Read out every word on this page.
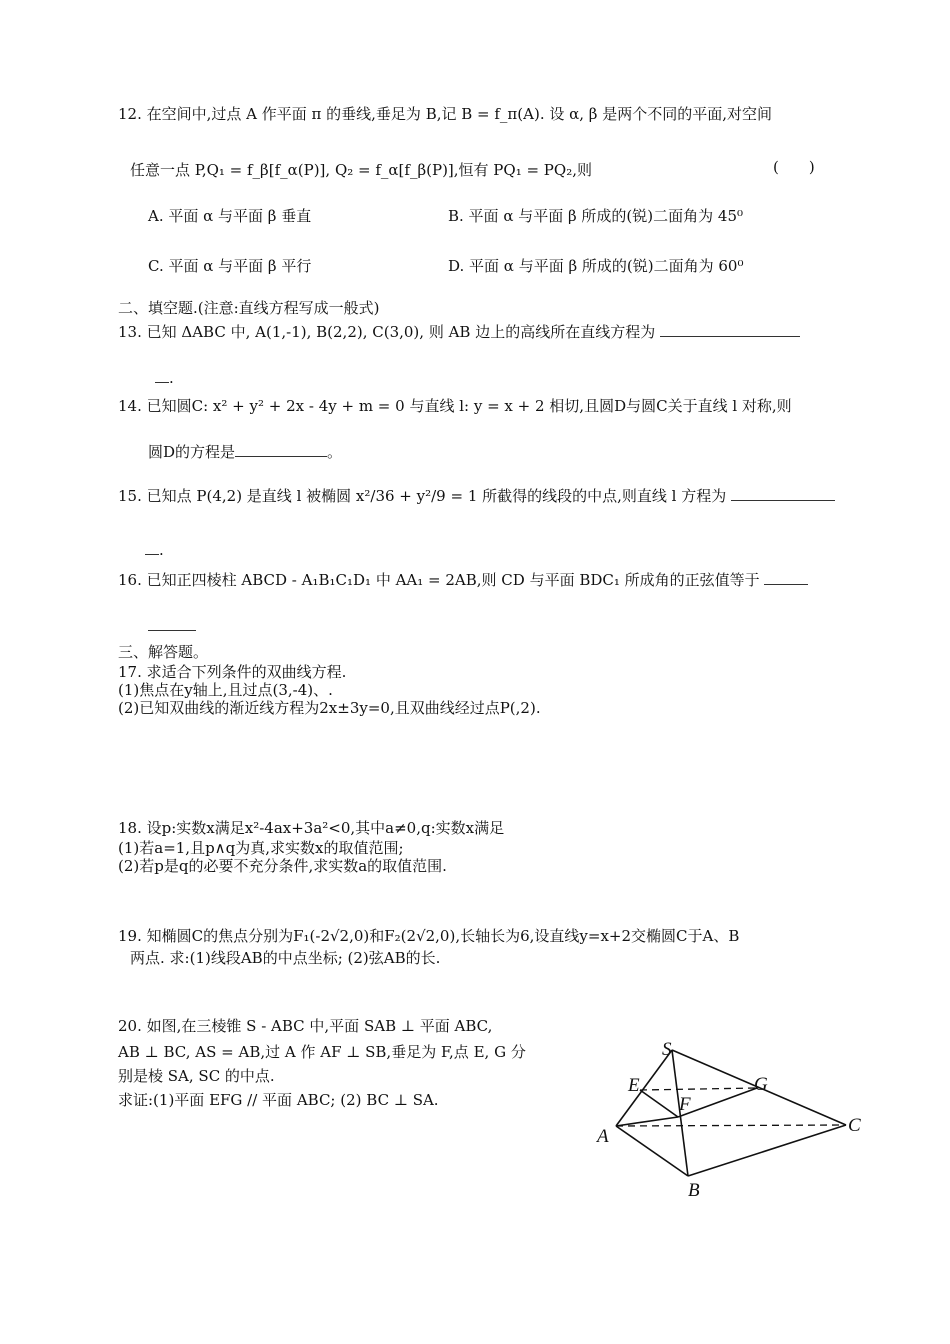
12. 在空间中,过点 A 作平面 π 的垂线,垂足为 B,记 B = f_π(A). 设 α, β 是两个不同的平面,对空间
任意一点 P,Q₁ = f_β[f_α(P)], Q₂ = f_α[f_β(P)],恒有 PQ₁ = PQ₂,则	(　　)
A. 平面 α 与平面 β 垂直	B. 平面 α 与平面 β 所成的(锐)二面角为 45⁰
C. 平面 α 与平面 β 平行	D. 平面 α 与平面 β 所成的(锐)二面角为 60⁰
二、填空题.(注意:直线方程写成一般式)
13. 已知 ΔABC 中, A(1,-1), B(2,2), C(3,0), 则 AB 边上的高线所在直线方程为
.
14. 已知圆C: x² + y² + 2x - 4y + m = 0 与直线 l: y = x + 2 相切,且圆D与圆C关于直线 l 对称,则
圆D的方程是	。
15. 已知点 P(4,2) 是直线 l 被椭圆 x²/36 + y²/9 = 1 所截得的线段的中点,则直线 l 方程为
.
16. 已知正四棱柱 ABCD - A₁B₁C₁D₁ 中 AA₁ = 2AB,则 CD 与平面 BDC₁ 所成角的正弦值等于
三、解答题。
17. 求适合下列条件的双曲线方程.
(1)焦点在y轴上,且过点(3,-4)、.
(2)已知双曲线的渐近线方程为2x±3y=0,且双曲线经过点P(,2).
18. 设p:实数x满足x²-4ax+3a²<0,其中a≠0,q:实数x满足
(1)若a=1,且p∧q为真,求实数x的取值范围;
(2)若p是q的必要不充分条件,求实数a的取值范围.
19. 知椭圆C的焦点分别为F₁(-2√2,0)和F₂(2√2,0),长轴长为6,设直线y=x+2交椭圆C于A、B
两点. 求:(1)线段AB的中点坐标; (2)弦AB的长.
20. 如图,在三棱锥 S - ABC 中,平面 SAB ⊥ 平面 ABC,
AB ⊥ BC, AS = AB,过 A 作 AF ⊥ SB,垂足为 F,点 E, G 分
别是棱 SA, SC 的中点.
求证:(1)平面 EFG // 平面 ABC; (2) BC ⊥ SA.
S
E	G
F
A
C
B
